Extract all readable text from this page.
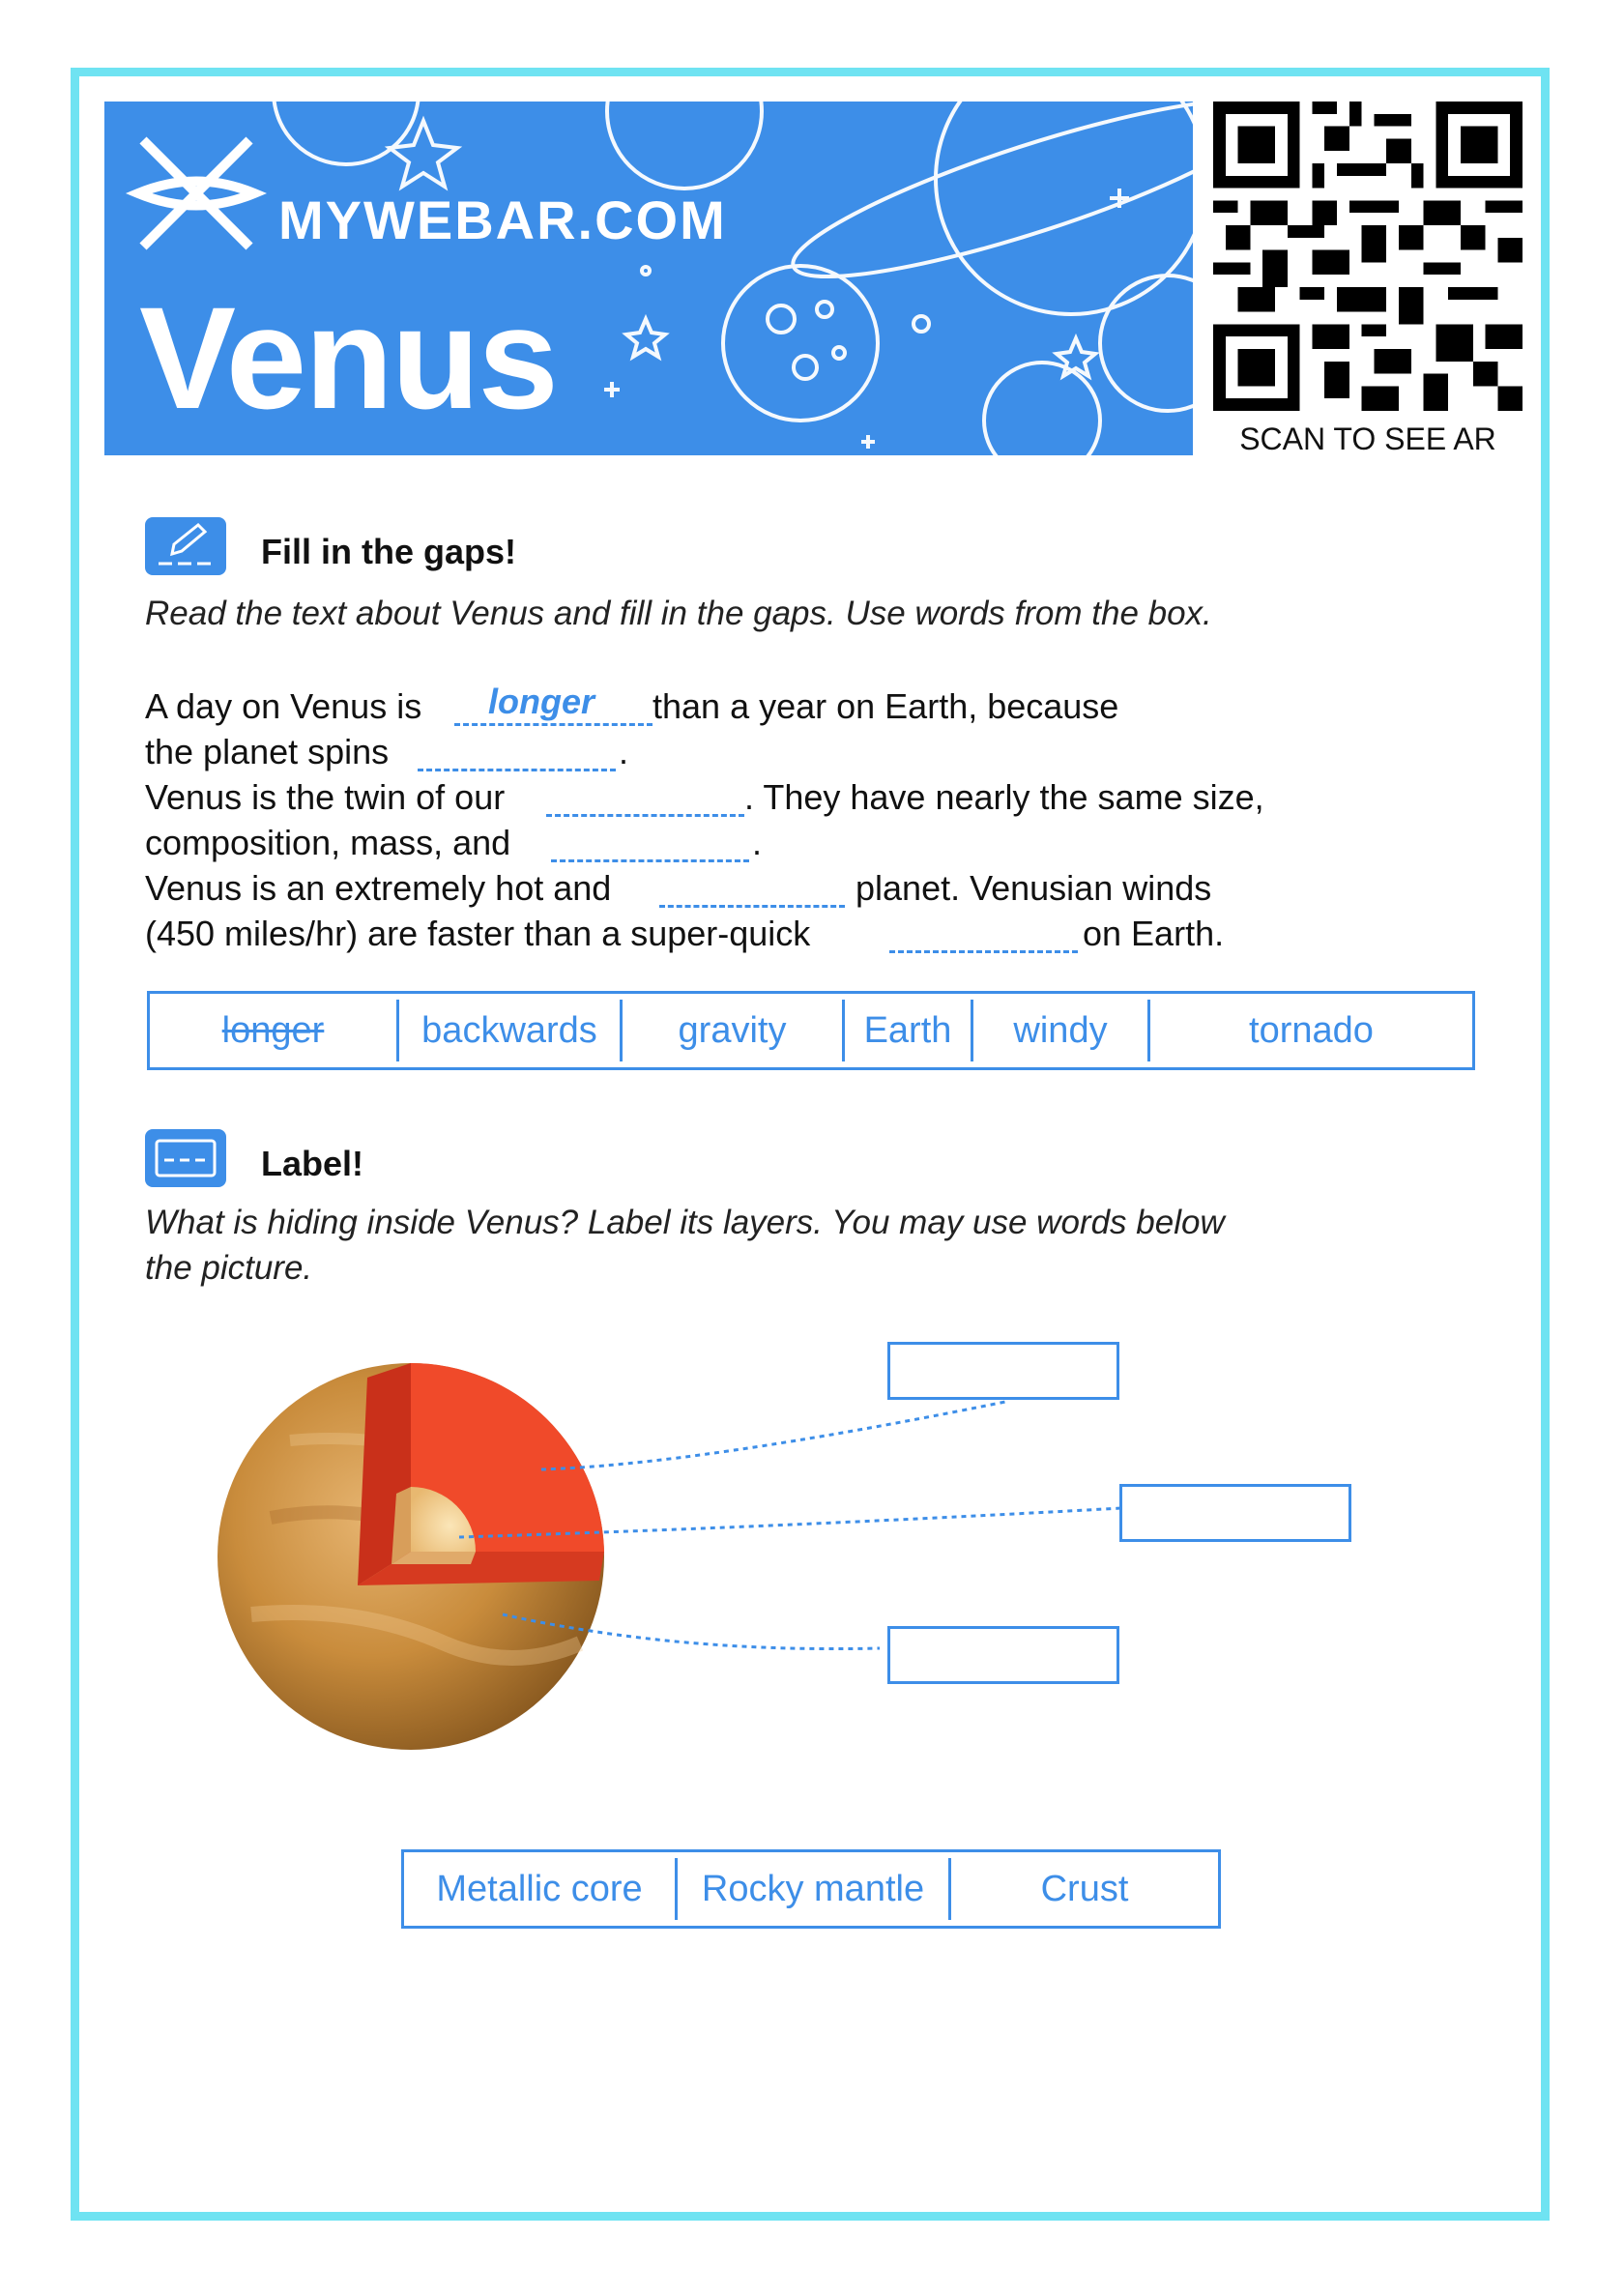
MYWEBAR.COM
Venus	SCAN TO SEE AR
Fill in the gaps!
Read the text about Venus and fill in the gaps. Use words from the box.
A day on Venus is longer than a year on Earth, because
the planet spins	.
Venus is the twin of our	. They have nearly the same size,
composition, mass, and	.
Venus is an extremely hot and	planet. Venusian winds
(450 miles/hr) are faster than a super-quick	on Earth.
longer	backwards	gravity	Earth	windy	tornado
Label!
What is hiding inside Venus? Label its layers. You may use words below
the picture.
Metallic core	Rocky mantle	Crust
